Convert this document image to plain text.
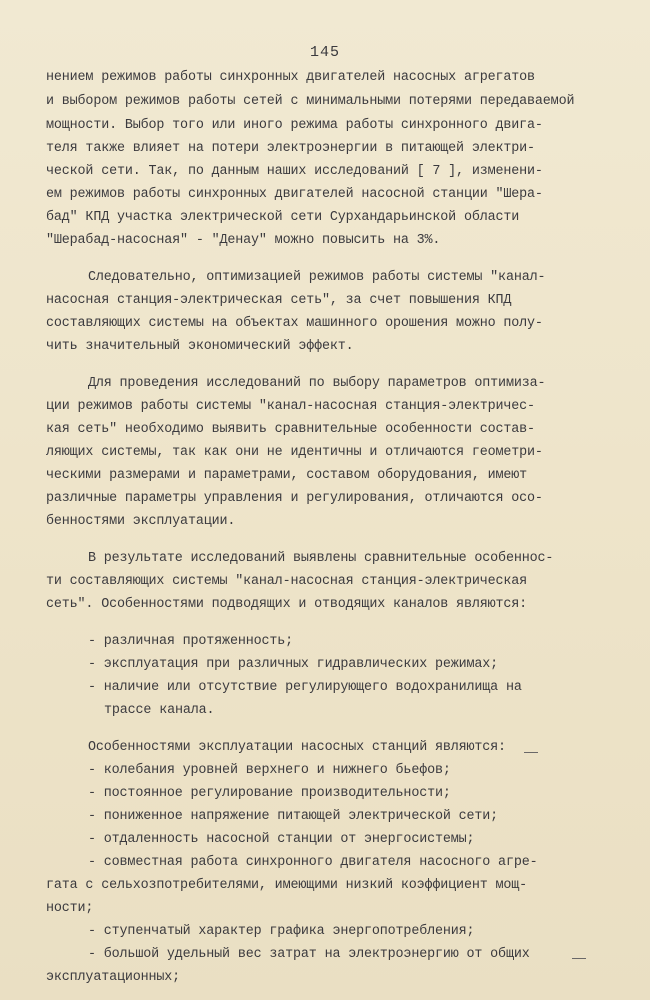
145
нением режимов работы синхронных двигателей насосных агрегатов
и выбором режимов работы сетей с минимальными потерями передаваемой
мощности. Выбор того или иного режима работы синхронного двига-
теля также влияет на потери электроэнергии в питающей электри-
ческой сети. Так, по данным наших исследований [ 7 ], изменени-
ем режимов работы синхронных двигателей насосной станции "Шера-
бад" КПД участка электрической сети Сурхандарьинской области
"Шерабад-насосная" - "Денау" можно повысить на 3%.
Следовательно, оптимизацией режимов работы системы "канал-
насосная станция-электрическая сеть", за счет повышения КПД
составляющих системы на объектах машинного орошения можно полу-
чить значительный экономический эффект.
Для проведения исследований по выбору параметров оптимиза-
ции режимов работы системы "канал-насосная станция-электричес-
кая сеть" необходимо выявить сравнительные особенности состав-
ляющих системы, так как они не идентичны и отличаются геометри-
ческими размерами и параметрами, составом оборудования, имеют
различные параметры управления и регулирования, отличаются осо-
бенностями эксплуатации.
В результате исследований выявлены сравнительные особеннос-
ти составляющих системы "канал-насосная станция-электрическая
сеть". Особенностями подводящих и отводящих каналов являются:
- различная протяженность;
- эксплуатация при различных гидравлических режимах;
- наличие или отсутствие регулирующего водохранилища на
трассе канала.
Особенностями эксплуатации насосных станций являются:
- колебания уровней верхнего и нижнего бьефов;
- постоянное регулирование производительности;
- пониженное напряжение питающей электрической сети;
- отдаленность насосной станции от энергосистемы;
- совместная работа синхронного двигателя насосного агре-
гата с сельхозпотребителями, имеющими низкий коэффициент мощ-
ности;
- ступенчатый характер графика энергопотребления;
- большой удельный вес затрат на электроэнергию от общих
эксплуатационных;
